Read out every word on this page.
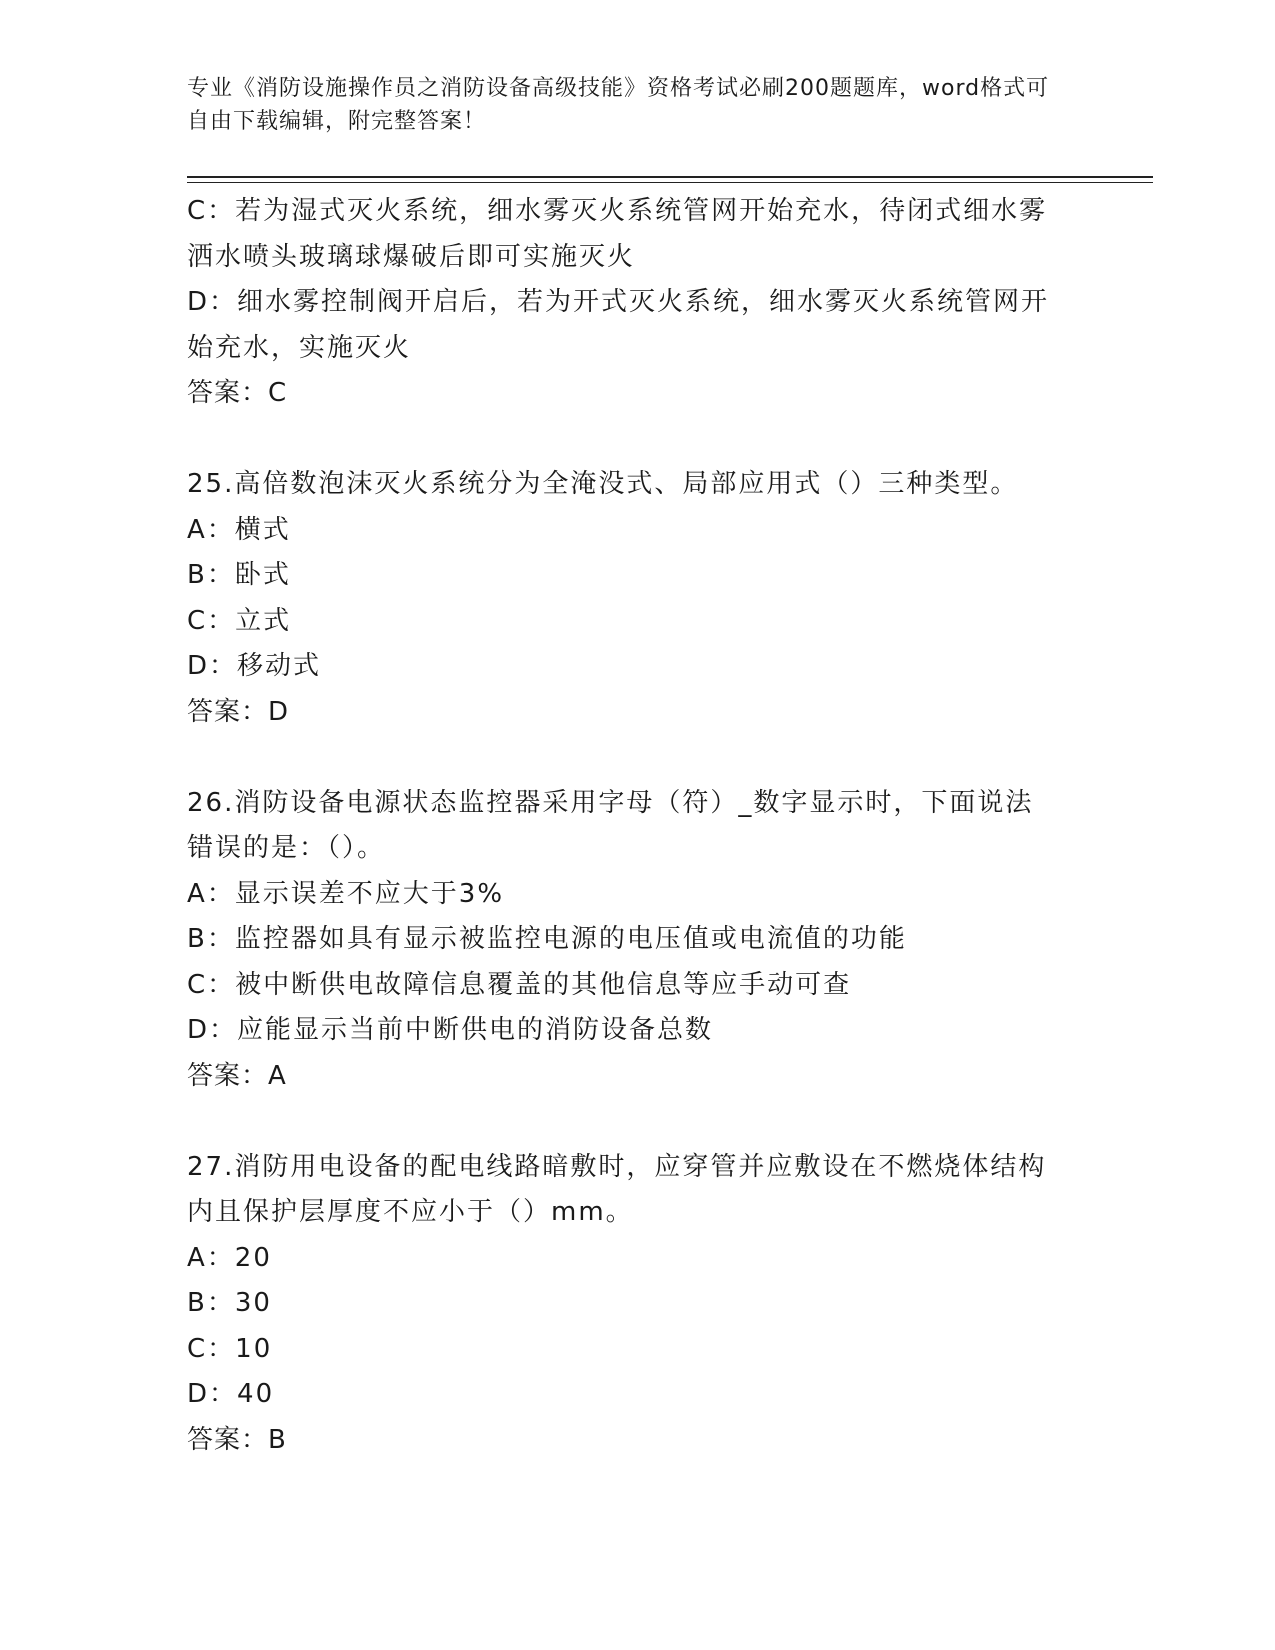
专业《消防设施操作员之消防设备高级技能》资格考试必刷200题题库，word格式可自由下载编辑，附完整答案！
C：若为湿式灭火系统，细水雾灭火系统管网开始充水，待闭式细水雾
洒水喷头玻璃球爆破后即可实施灭火
D：细水雾控制阀开启后，若为开式灭火系统，细水雾灭火系统管网开
始充水，实施灭火
答案：C
25.高倍数泡沫灭火系统分为全淹没式、局部应用式（）三种类型。
A：横式
B：卧式
C：立式
D：移动式
答案：D
26.消防设备电源状态监控器采用字母（符）_数字显示时，下面说法
错误的是：（）。
A：显示误差不应大于3%
B：监控器如具有显示被监控电源的电压值或电流值的功能
C：被中断供电故障信息覆盖的其他信息等应手动可查
D：应能显示当前中断供电的消防设备总数
答案：A
27.消防用电设备的配电线路暗敷时，应穿管并应敷设在不燃烧体结构
内且保护层厚度不应小于（）mm。
A：20
B：30
C：10
D：40
答案：B
